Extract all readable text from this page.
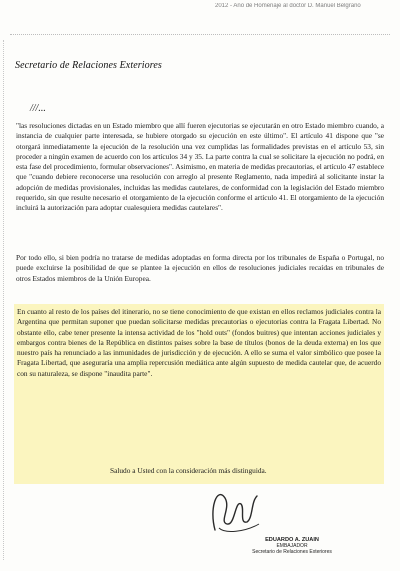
2012 - Año de Homenaje al doctor D. Manuel Belgrano
Secretario de Relaciones Exteriores
///...

"las resoluciones dictadas en un Estado miembro que allí fueren ejecutorias se ejecutarán en otro Estado miembro cuando, a instancia de cualquier parte interesada, se hubiere otorgado su ejecución en este último". El artículo 41 dispone que "se otorgará inmediatamente la ejecución de la resolución una vez cumplidas las formalidades previstas en el artículo 53, sin proceder a ningún examen de acuerdo con los artículos 34 y 35. La parte contra la cual se solicitare la ejecución no podrá, en esta fase del procedimiento, formular observaciones". Asimismo, en materia de medidas precautorias, el artículo 47 establece que "cuando debiere reconocerse una resolución con arreglo al presente Reglamento, nada impedirá al solicitante instar la adopción de medidas provisionales, incluidas las medidas cautelares, de conformidad con la legislación del Estado miembro requerido, sin que resulte necesario el otorgamiento de la ejecución conforme el artículo 41. El otorgamiento de la ejecución incluirá la autorización para adoptar cualesquiera medidas cautelares".

Por todo ello, si bien podría no tratarse de medidas adoptadas en forma directa por los tribunales de España o Portugal, no puede excluirse la posibilidad de que se plantee la ejecución en ellos de resoluciones judiciales recaídas en tribunales de otros Estados miembros de la Unión Europea.

En cuanto al resto de los países del itinerario, no se tiene conocimiento de que existan en ellos reclamos judiciales contra la Argentina que permitan suponer que puedan solicitarse medidas precautorias o ejecutorias contra la Fragata Libertad. No obstante ello, cabe tener presente la intensa actividad de los "hold outs" (fondos buitres) que intentan acciones judiciales y embargos contra bienes de la República en distintos países sobre la base de títulos (bonos de la deuda externa) en los que nuestro país ha renunciado a las inmunidades de jurisdicción y de ejecución. A ello se suma el valor simbólico que posee la Fragata Libertad, que aseguraría una amplia repercusión mediática ante algún supuesto de medida cautelar que, de acuerdo con su naturaleza, se dispone "inaudita parte".

Saludo a Usted con la consideración más distinguida.
EDUARDO A. ZUAIN
EMBAJADOR
Secretario de Relaciones Exteriores
